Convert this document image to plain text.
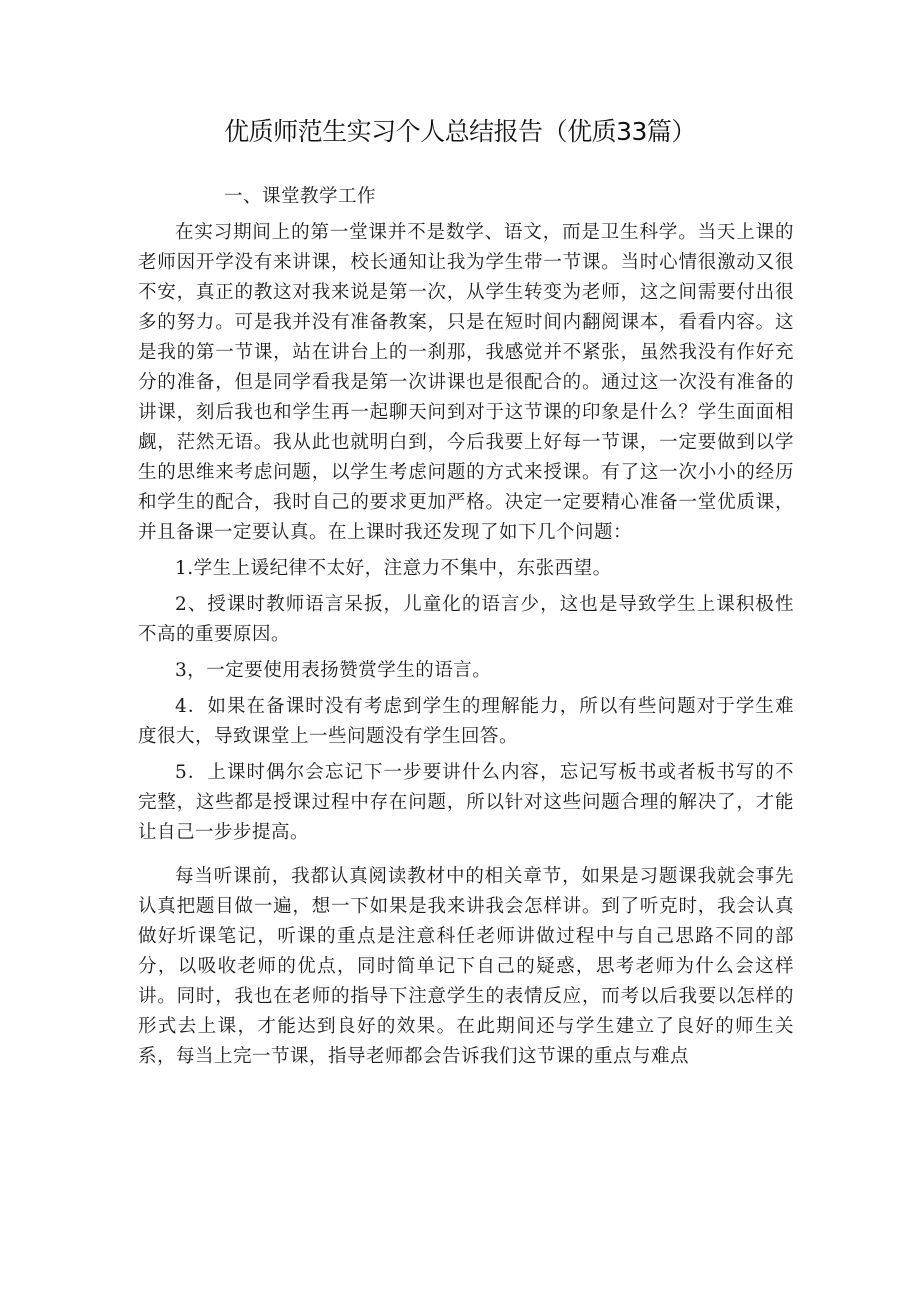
优质师范生实习个人总结报告（优质33篇）

一、课堂教学工作

在实习期间上的第一堂课并不是数学、语文，而是卫生科学。当天上课的老师因开学没有来讲课，校长通知让我为学生带一节课。当时心情很激动又很不安，真正的教这对我来说是第一次，从学生转变为老师，这之间需要付出很多的努力。可是我并没有准备教案，只是在短时间内翻阅课本，看看内容。这是我的第一节课，站在讲台上的一刹那，我感觉并不紧张，虽然我没有作好充分的准备，但是同学看我是第一次讲课也是很配合的。通过这一次没有准备的讲课，刻后我也和学生再一起聊天问到对于这节课的印象是什么？学生面面相觑，茫然无语。我从此也就明白到，今后我要上好每一节课，一定要做到以学生的思维来考虑问题，以学生考虑问题的方式来授课。有了这一次小小的经历和学生的配合，我时自己的要求更加严格。决定一定要精心准备一堂优质课，并且备课一定要认真。在上课时我还发现了如下几个问题：

1.学生上谖纪律不太好，注意力不集中，东张西望。

2、授课时教师语言呆扳，儿童化的语言少，这也是导致学生上课积极性不高的重要原因。

3，一定要使用表扬赞赏学生的语言。

4．如果在备课时没有考虑到学生的理解能力，所以有些问题对于学生难度很大，导致课堂上一些问题没有学生回答。

5．上课时偶尔会忘记下一步要讲什么内容，忘记写板书或者板书写的不完整，这些都是授课过程中存在问题，所以针对这些问题合理的解决了，才能让自己一步步提高。

每当听课前，我都认真阅读教材中的相关章节，如果是习题课我就会事先认真把题目做一遍，想一下如果是我来讲我会怎样讲。到了听克时，我会认真做好圻课笔记，听课的重点是注意科任老师讲做过程中与自己思路不同的部分，以吸收老师的优点，同时简单记下自己的疑惑，思考老师为什么会这样讲。同时，我也在老师的指导下注意学生的表情反应，而考以后我要以怎样的形式去上课，才能达到良好的效果。在此期间还与学生建立了良好的师生关系，每当上完一节课，指导老师都会告诉我们这节课的重点与难点
